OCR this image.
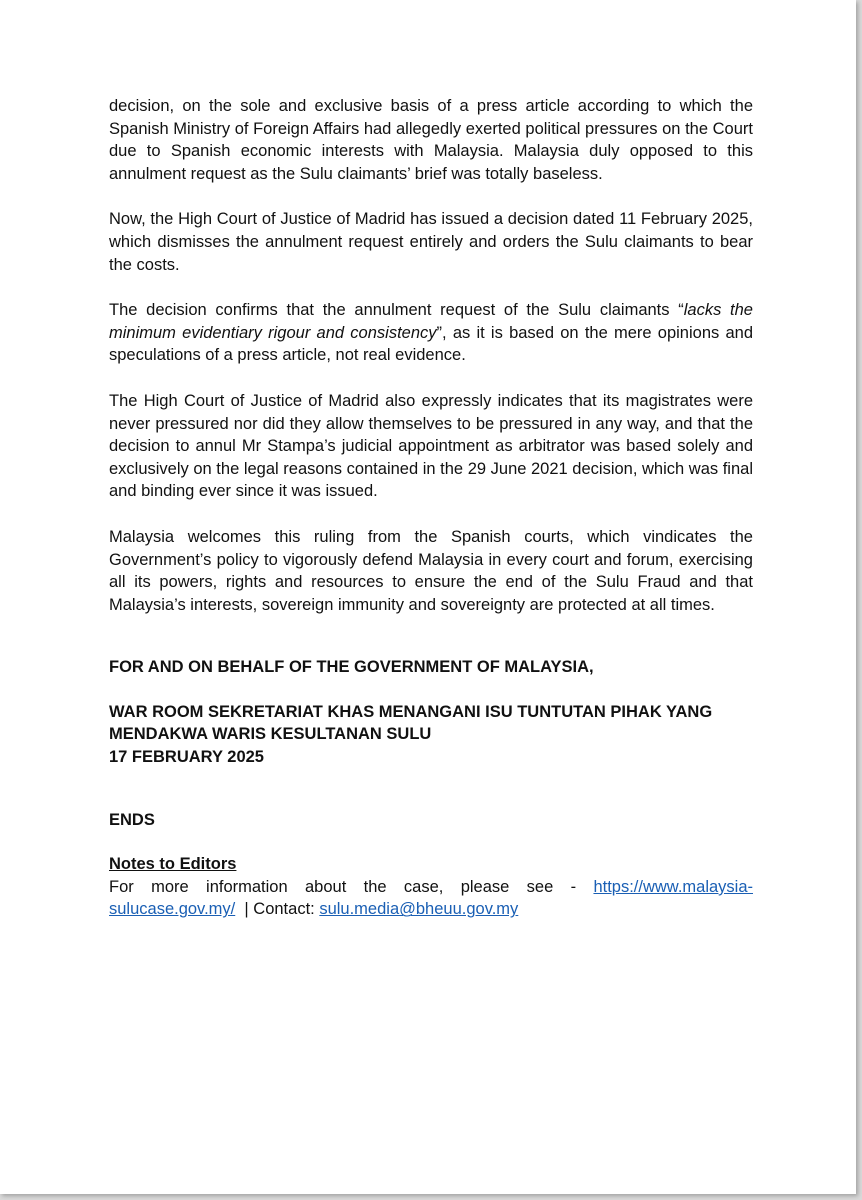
decision, on the sole and exclusive basis of a press article according to which the Spanish Ministry of Foreign Affairs had allegedly exerted political pressures on the Court due to Spanish economic interests with Malaysia. Malaysia duly opposed to this annulment request as the Sulu claimants’ brief was totally baseless.

Now, the High Court of Justice of Madrid has issued a decision dated 11 February 2025, which dismisses the annulment request entirely and orders the Sulu claimants to bear the costs.

The decision confirms that the annulment request of the Sulu claimants “lacks the minimum evidentiary rigour and consistency”, as it is based on the mere opinions and speculations of a press article, not real evidence.

The High Court of Justice of Madrid also expressly indicates that its magistrates were never pressured nor did they allow themselves to be pressured in any way, and that the decision to annul Mr Stampa’s judicial appointment as arbitrator was based solely and exclusively on the legal reasons contained in the 29 June 2021 decision, which was final and binding ever since it was issued.

Malaysia welcomes this ruling from the Spanish courts, which vindicates the Government’s policy to vigorously defend Malaysia in every court and forum, exercising all its powers, rights and resources to ensure the end of the Sulu Fraud and that Malaysia’s interests, sovereign immunity and sovereignty are protected at all times.

FOR AND ON BEHALF OF THE GOVERNMENT OF MALAYSIA,

WAR ROOM SEKRETARIAT KHAS MENANGANI ISU TUNTUTAN PIHAK YANG

MENDAKWA WARIS KESULTANAN SULU

17 FEBRUARY 2025

ENDS

Notes to Editors

For more information about the case, please see - https://www.malaysia-sulucase.gov.my/  | Contact: sulu.media@bheuu.gov.my
